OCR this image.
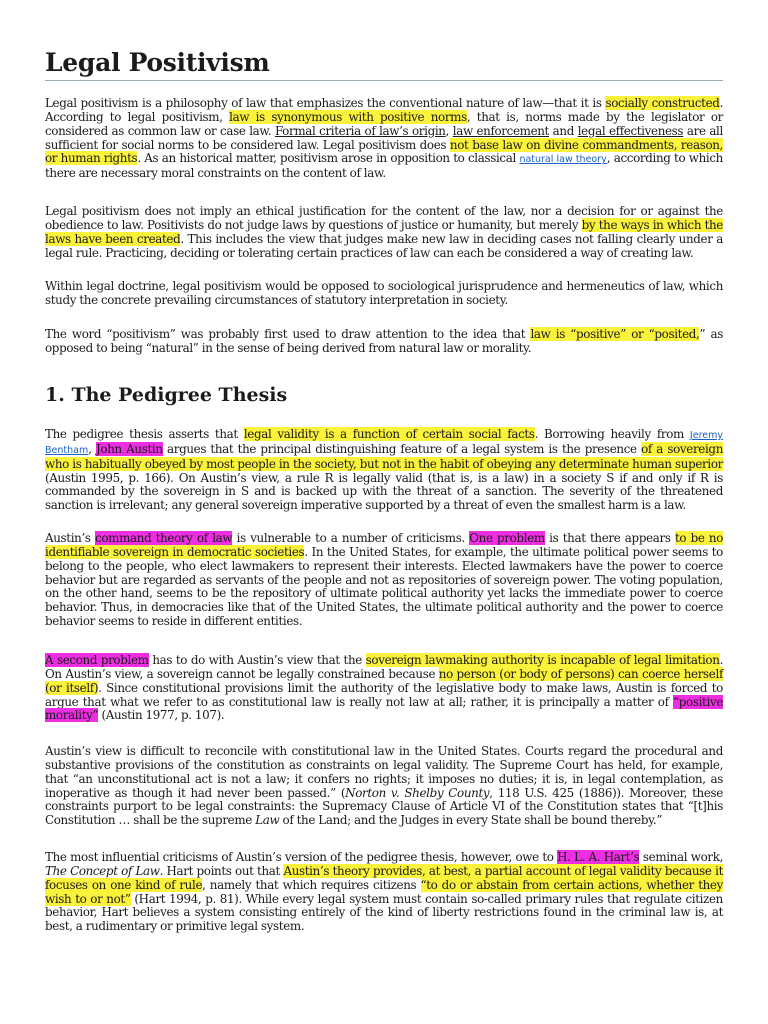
Legal Positivism

Legal positivism is a philosophy of law that emphasizes the conventional nature of law—that it is socially constructed. According to legal positivism, law is synonymous with positive norms, that is, norms made by the legislator or considered as common law or case law. Formal criteria of law’s origin, law enforcement and legal effectiveness are all sufficient for social norms to be considered law. Legal positivism does not base law on divine commandments, reason, or human rights. As an historical matter, positivism arose in opposition to classical natural law theory, according to which there are necessary moral constraints on the content of law.

Legal positivism does not imply an ethical justification for the content of the law, nor a decision for or against the obedience to law. Positivists do not judge laws by questions of justice or humanity, but merely by the ways in which the laws have been created. This includes the view that judges make new law in deciding cases not falling clearly under a legal rule. Practicing, deciding or tolerating certain practices of law can each be considered a way of creating law.

Within legal doctrine, legal positivism would be opposed to sociological jurisprudence and hermeneutics of law, which study the concrete prevailing circumstances of statutory interpretation in society.

The word “positivism” was probably first used to draw attention to the idea that law is “positive” or “posited,” as opposed to being “natural” in the sense of being derived from natural law or morality.

1. The Pedigree Thesis

The pedigree thesis asserts that legal validity is a function of certain social facts. Borrowing heavily from Jeremy Bentham, John Austin argues that the principal distinguishing feature of a legal system is the presence of a sovereign who is habitually obeyed by most people in the society, but not in the habit of obeying any determinate human superior (Austin 1995, p. 166). On Austin’s view, a rule R is legally valid (that is, is a law) in a society S if and only if R is commanded by the sovereign in S and is backed up with the threat of a sanction. The severity of the threatened sanction is irrelevant; any general sovereign imperative supported by a threat of even the smallest harm is a law.

Austin’s command theory of law is vulnerable to a number of criticisms. One problem is that there appears to be no identifiable sovereign in democratic societies. In the United States, for example, the ultimate political power seems to belong to the people, who elect lawmakers to represent their interests. Elected lawmakers have the power to coerce behavior but are regarded as servants of the people and not as repositories of sovereign power. The voting population, on the other hand, seems to be the repository of ultimate political authority yet lacks the immediate power to coerce behavior. Thus, in democracies like that of the United States, the ultimate political authority and the power to coerce behavior seems to reside in different entities.

A second problem has to do with Austin’s view that the sovereign lawmaking authority is incapable of legal limitation. On Austin’s view, a sovereign cannot be legally constrained because no person (or body of persons) can coerce herself (or itself). Since constitutional provisions limit the authority of the legislative body to make laws, Austin is forced to argue that what we refer to as constitutional law is really not law at all; rather, it is principally a matter of “positive morality” (Austin 1977, p. 107).

Austin’s view is difficult to reconcile with constitutional law in the United States. Courts regard the procedural and substantive provisions of the constitution as constraints on legal validity. The Supreme Court has held, for example, that “an unconstitutional act is not a law; it confers no rights; it imposes no duties; it is, in legal contemplation, as inoperative as though it had never been passed.” (Norton v. Shelby County, 118 U.S. 425 (1886)). Moreover, these constraints purport to be legal constraints: the Supremacy Clause of Article VI of the Constitution states that “[t]his Constitution … shall be the supreme Law of the Land; and the Judges in every State shall be bound thereby.”

The most influential criticisms of Austin’s version of the pedigree thesis, however, owe to H. L. A. Hart’s seminal work, The Concept of Law. Hart points out that Austin’s theory provides, at best, a partial account of legal validity because it focuses on one kind of rule, namely that which requires citizens “to do or abstain from certain actions, whether they wish to or not” (Hart 1994, p. 81). While every legal system must contain so-called primary rules that regulate citizen behavior, Hart believes a system consisting entirely of the kind of liberty restrictions found in the criminal law is, at best, a rudimentary or primitive legal system.
